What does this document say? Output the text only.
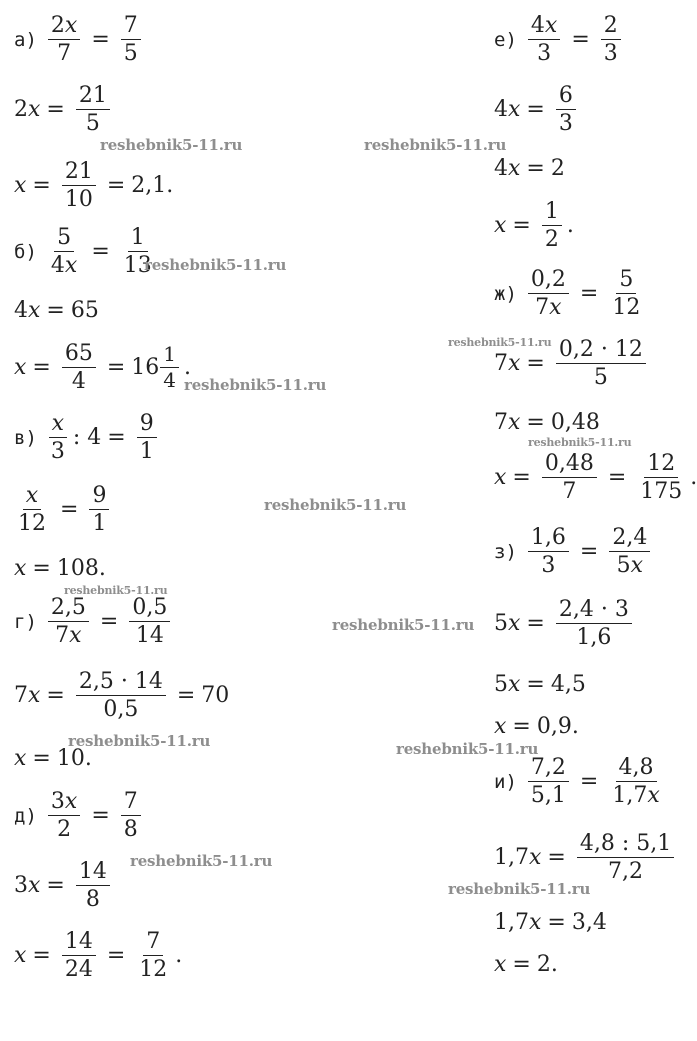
$а) \frac{2x}{7} = \frac{7}{5}$
2 $x = \frac{21}{5}$
$x = \frac{21}{10} = 2,1$.
$б) \frac{5}{4x} = \frac{1}{13}$
4 x = 65
$x = \frac{65}{4} = 16 \frac{1}{4}$ .
$в) \frac{x}{3}$ : $4 = \frac{9}{1}$
$\frac{x}{12} = \frac{9}{1}$
x = 108.
$г) \frac{2,5}{7x} = \frac{0,5}{14}$
7 $x = \frac{2,5 \cdot 14}{0,5} = 70$
x = 10.
$д) \frac{3x}{2} = \frac{7}{8}$
3 $x = \frac{14}{8}$
$x = \frac{14}{24} = \frac{7}{12}$ .
$е) \frac{4x}{3} = \frac{2}{3}$
4 $x = \frac{6}{3}$
4 x = 2
$x = \frac{1}{2}$ .
$ж) \frac{0,2}{7x} = \frac{5}{12}$
7 $x = \frac{0,2 \cdot 12}{5}$
7 x = 0,48
$x = \frac{0,48}{7} = \frac{12}{175}$ .
$з) \frac{1,6}{3} = \frac{2,4}{5x}$
5 $x = \frac{2,4 \cdot 3}{1,6}$
5 x = 4,5
x = 0,9.
$и) \frac{7,2}{5,1} = \frac{4,8}{1,7x}$
1,7 $x = \frac{4,8 : 5,1}{7,2}$
1,7 x = 3,4
x = 2.
reshebnik5-11.ru	reshebnik5-11.ru
reshebnik5-11.ru
reshebnik5-11.ru
reshebnik5-11.ru
reshebnik5-11.ru
reshebnik5-11.ru
reshebnik5-11.ru
reshebnik5-11.ru
reshebnik5-11.ru	reshebnik5-11.ru
reshebnik5-11.ru
reshebnik5-11.ru
